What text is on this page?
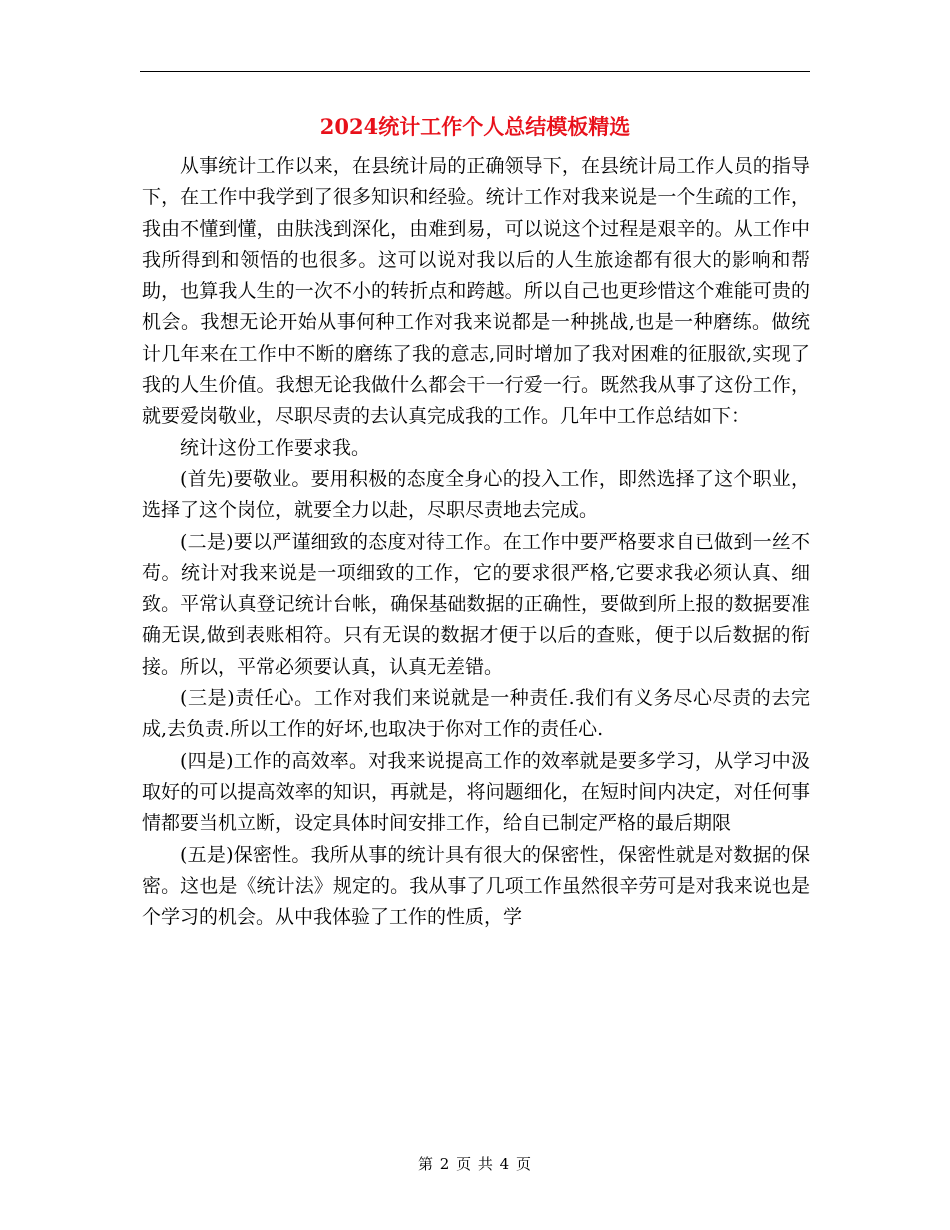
2024统计工作个人总结模板精选

从事统计工作以来，在县统计局的正确领导下，在县统计局工作人员的指导下，在工作中我学到了很多知识和经验。统计工作对我来说是一个生疏的工作，我由不懂到懂，由肤浅到深化，由难到易，可以说这个过程是艰辛的。从工作中我所得到和领悟的也很多。这可以说对我以后的人生旅途都有很大的影响和帮助，也算我人生的一次不小的转折点和跨越。所以自己也更珍惜这个难能可贵的机会。我想无论开始从事何种工作对我来说都是一种挑战,也是一种磨练。做统计几年来在工作中不断的磨练了我的意志,同时增加了我对困难的征服欲,实现了我的人生价值。我想无论我做什么都会干一行爱一行。既然我从事了这份工作，就要爱岗敬业，尽职尽责的去认真完成我的工作。几年中工作总结如下：

统计这份工作要求我。

(首先)要敬业。要用积极的态度全身心的投入工作，即然选择了这个职业，选择了这个岗位，就要全力以赴，尽职尽责地去完成。

(二是)要以严谨细致的态度对待工作。在工作中要严格要求自已做到一丝不苟。统计对我来说是一项细致的工作，它的要求很严格,它要求我必须认真、细致。平常认真登记统计台帐，确保基础数据的正确性，要做到所上报的数据要准确无误,做到表账相符。只有无误的数据才便于以后的查账，便于以后数据的衔接。所以，平常必须要认真，认真无差错。

(三是)责任心。工作对我们来说就是一种责任.我们有义务尽心尽责的去完成,去负责.所以工作的好坏,也取决于你对工作的责任心.

(四是)工作的高效率。对我来说提高工作的效率就是要多学习，从学习中汲取好的可以提高效率的知识，再就是，将问题细化，在短时间内决定，对任何事情都要当机立断，设定具体时间安排工作，给自已制定严格的最后期限

(五是)保密性。我所从事的统计具有很大的保密性，保密性就是对数据的保密。这也是《统计法》规定的。我从事了几项工作虽然很辛劳可是对我来说也是个学习的机会。从中我体验了工作的性质，学

第 2 页 共 4 页
